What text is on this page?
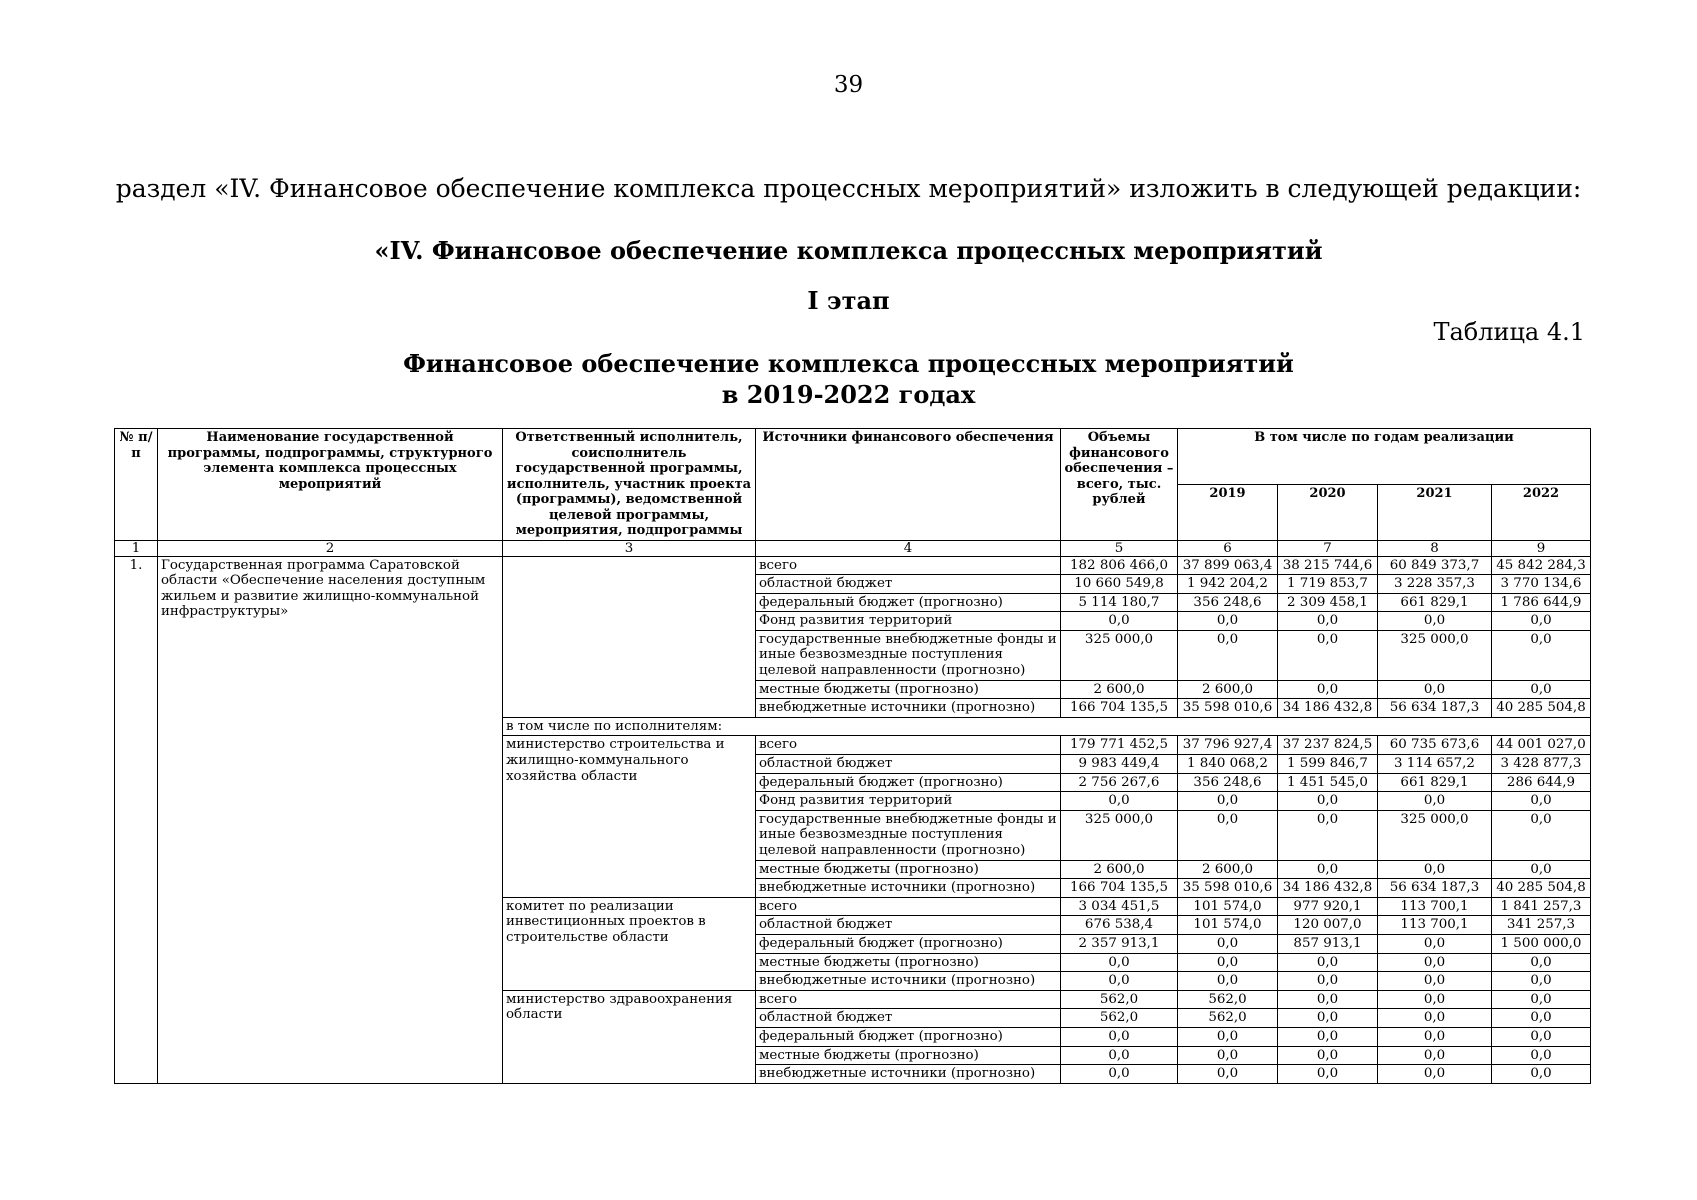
39
раздел «IV. Финансовое обеспечение комплекса процессных мероприятий» изложить в следующей редакции:
«IV. Финансовое обеспечение комплекса процессных мероприятий
I этап
Таблица 4.1
Финансовое обеспечение комплекса процессных мероприятий
в 2019-2022 годах
№ п/п	Наименование государственной программы, подпрограммы, структурного элемента комплекса процессных мероприятий	Ответственный исполнитель, соисполнитель государственной программы, исполнитель, участник проекта (программы), ведомственной целевой программы, мероприятия, подпрограммы	Источники финансового обеспечения	Объемы финансового обеспечения – всего, тыс. рублей	В том числе по годам реализации			
					2019	2020	2021	2022
1	2	3	4	5	6	7	8	9
1.	Государственная программа Саратовской области «Обеспечение населения доступным жильем и развитие жилищно-коммунальной инфраструктуры»		всего	182 806 466,0	37 899 063,4	38 215 744,6	60 849 373,7	45 842 284,3
			областной бюджет	10 660 549,8	1 942 204,2	1 719 853,7	3 228 357,3	3 770 134,6
			федеральный бюджет (прогнозно)	5 114 180,7	356 248,6	2 309 458,1	661 829,1	1 786 644,9
			Фонд развития территорий	0,0	0,0	0,0	0,0	0,0
			государственные внебюджетные фонды и иные безвозмездные поступления целевой направленности (прогнозно)	325 000,0	0,0	0,0	325 000,0	0,0
			местные бюджеты (прогнозно)	2 600,0	2 600,0	0,0	0,0	0,0
			внебюджетные источники (прогнозно)	166 704 135,5	35 598 010,6	34 186 432,8	56 634 187,3	40 285 504,8
		в том числе по исполнителям:						
		министерство строительства и жилищно-коммунального хозяйства области	всего	179 771 452,5	37 796 927,4	37 237 824,5	60 735 673,6	44 001 027,0
			областной бюджет	9 983 449,4	1 840 068,2	1 599 846,7	3 114 657,2	3 428 877,3
			федеральный бюджет (прогнозно)	2 756 267,6	356 248,6	1 451 545,0	661 829,1	286 644,9
			Фонд развития территорий	0,0	0,0	0,0	0,0	0,0
			государственные внебюджетные фонды и иные безвозмездные поступления целевой направленности (прогнозно)	325 000,0	0,0	0,0	325 000,0	0,0
			местные бюджеты (прогнозно)	2 600,0	2 600,0	0,0	0,0	0,0
			внебюджетные источники (прогнозно)	166 704 135,5	35 598 010,6	34 186 432,8	56 634 187,3	40 285 504,8
		комитет по реализации инвестиционных проектов в строительстве области	всего	3 034 451,5	101 574,0	977 920,1	113 700,1	1 841 257,3
			областной бюджет	676 538,4	101 574,0	120 007,0	113 700,1	341 257,3
			федеральный бюджет (прогнозно)	2 357 913,1	0,0	857 913,1	0,0	1 500 000,0
			местные бюджеты (прогнозно)	0,0	0,0	0,0	0,0	0,0
			внебюджетные источники (прогнозно)	0,0	0,0	0,0	0,0	0,0
		министерство здравоохранения области	всего	562,0	562,0	0,0	0,0	0,0
			областной бюджет	562,0	562,0	0,0	0,0	0,0
			федеральный бюджет (прогнозно)	0,0	0,0	0,0	0,0	0,0
			местные бюджеты (прогнозно)	0,0	0,0	0,0	0,0	0,0
			внебюджетные источники (прогнозно)	0,0	0,0	0,0	0,0	0,0
